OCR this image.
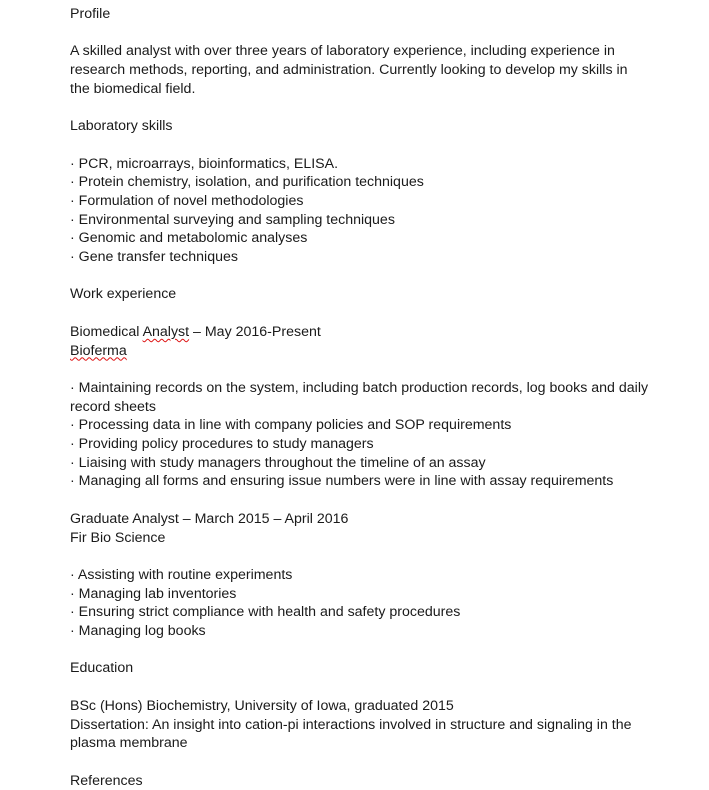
Profile

A skilled analyst with over three years of laboratory experience, including experience in research methods, reporting, and administration. Currently looking to develop my skills in the biomedical field.

Laboratory skills

· PCR, microarrays, bioinformatics, ELISA.

· Protein chemistry, isolation, and purification techniques

· Formulation of novel methodologies

· Environmental surveying and sampling techniques

· Genomic and metabolomic analyses

· Gene transfer techniques

Work experience

Biomedical Analyst – May 2016-Present

Bioferma

· Maintaining records on the system, including batch production records, log books and daily record sheets

· Processing data in line with company policies and SOP requirements

· Providing policy procedures to study managers

· Liaising with study managers throughout the timeline of an assay

· Managing all forms and ensuring issue numbers were in line with assay requirements

Graduate Analyst – March 2015 – April 2016

Fir Bio Science

· Assisting with routine experiments

· Managing lab inventories

· Ensuring strict compliance with health and safety procedures

· Managing log books

Education

BSc (Hons) Biochemistry, University of Iowa, graduated 2015

Dissertation: An insight into cation-pi interactions involved in structure and signaling in the plasma membrane

References
